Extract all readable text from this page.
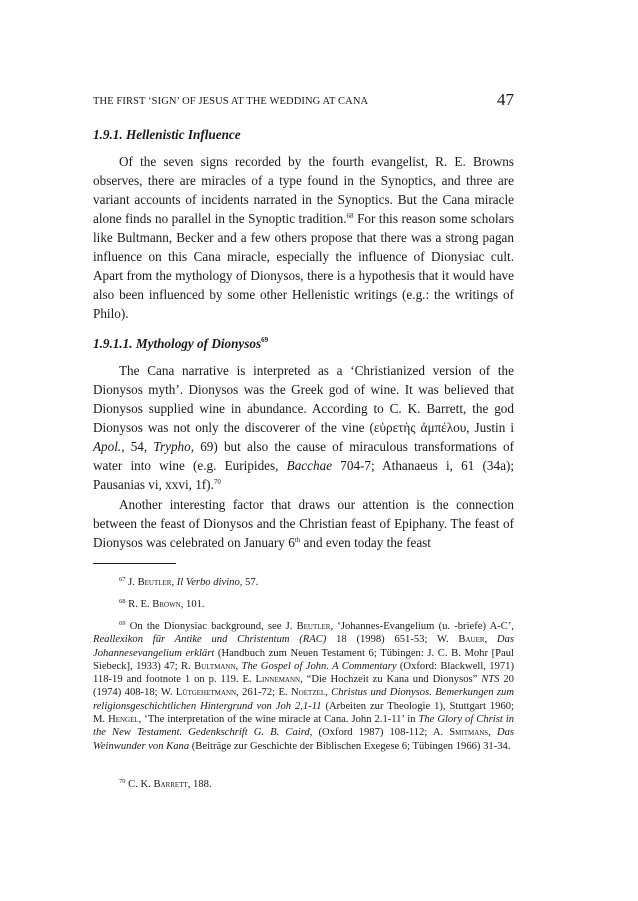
THE FIRST ‘SIGN’ OF JESUS AT THE WEDDING AT CANA	47
1.9.1. Hellenistic Influence

Of the seven signs recorded by the fourth evangelist, R. E. Browns observes, there are miracles of a type found in the Synoptics, and three are variant accounts of incidents narrated in the Synoptics. But the Cana miracle alone finds no parallel in the Synoptic tradition.$^{68}$ For this reason some scholars like Bultmann, Becker and a few others propose that there was a strong pagan influence on this Cana miracle, especially the influence of Dionysiac cult. Apart from the mythology of Dionysos, there is a hypothesis that it would have also been influenced by some other Hellenistic writings (e.g.: the writings of Philo).

1.9.1.1. Mythology of Dionysos$^{69}$

The Cana narrative is interpreted as a ‘Christianized version of the Dionysos myth’. Dionysos was the Greek god of wine. It was believed that Dionysos supplied wine in abundance. According to C. K. Barrett, the god Dionysos was not only the discoverer of the vine (εὑρετὴς ἀμπέλου, Justin i Apol., 54, Trypho, 69) but also the cause of miraculous transformations of water into wine (e.g. Euripides, Bacchae 704-7; Athanaeus i, 61 (34a); Pausanias vi, xxvi, 1f).$^{70}$

Another interesting factor that draws our attention is the connection between the feast of Dionysos and the Christian feast of Epiphany. The feast of Dionysos was celebrated on January 6th and even today the feast

$^{67}$ J. Beutler, Il Verbo divino, 57.

$^{68}$ R. E. Brown, 101.

$^{69}$ On the Dionysiac background, see J. Beutler, ‘Johannes-Evangelium (u. -briefe) A-C’, Reallexikon für Antike und Christentum (RAC) 18 (1998) 651-53; W. Bauer, Das Johannesevangelium erklärt (Handbuch zum Neuen Testament 6; Tübingen: J. C. B. Mohr [Paul Siebeck], 1933) 47; R. Bultmann, The Gospel of John. A Commentary (Oxford: Blackwell, 1971) 118-19 and footnote 1 on p. 119. E. Linnemann, “Die Hochzeit zu Kana und Dionysos” NTS 20 (1974) 408-18; W. Lütgehetmann, 261-72; E. Noetzel, Christus und Dionysos. Bemerkungen zum religionsgeschichtlichen Hintergrund von Joh 2,1-11 (Arbeiten zur Theologie 1), Stuttgart 1960; M. Hengel, ‘The interpretation of the wine miracle at Cana. John 2.1-11’ in The Glory of Christ in the New Testament. Gedenkschrift G. B. Caird, (Oxford 1987) 108-112; A. Smitmans, Das Weinwunder von Kana (Beiträge zur Geschichte der Biblischen Exegese 6; Tübingen 1966) 31-34.

$^{70}$ C. K. Barrett, 188.
